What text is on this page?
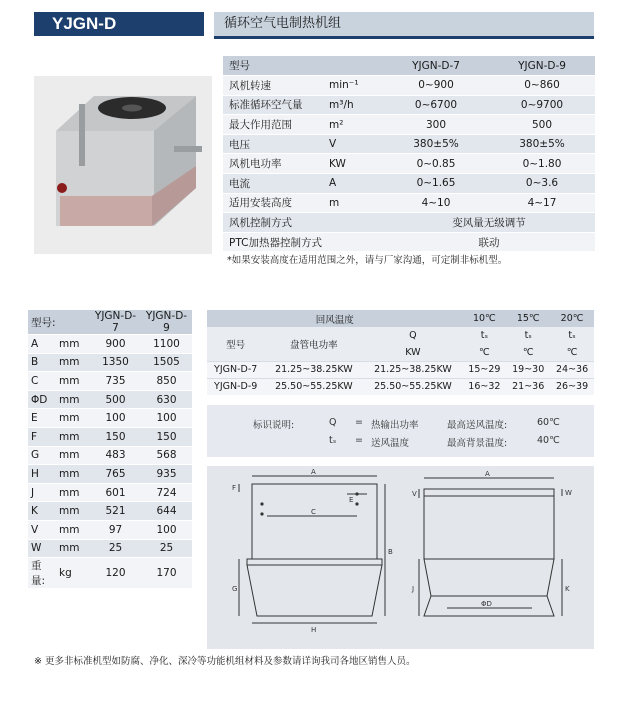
YJGN-D	循环空气电制热机组
型号		YJGN-D-7	YJGN-D-9
风机转速	min⁻¹	0~900	0~860
标准循环空气量	m³/h	0~6700	0~9700
最大作用范围	m²	300	500
电压	V	380±5%	380±5%
风机电功率	KW	0~0.85	0~1.80
电流	A	0~1.65	0~3.6
适用安装高度	m	4~10	4~17
风机控制方式		变风量无级调节	
PTC加热器控制方式		联动	
*如果安装高度在适用范围之外，请与厂家沟通，可定制非标机型。
型号:		YJGN-D-7	YJGN-D-9
A	mm	900	1100
B	mm	1350	1505
C	mm	735	850
ΦD	mm	500	630
E	mm	100	100
F	mm	150	150
G	mm	483	568
H	mm	765	935
J	mm	601	724
K	mm	521	644
V	mm	97	100
W	mm	25	25
重量:	kg	120	170
回风温度			10℃	15℃	20℃
型号	盘管电功率	Q	tₛ	tₛ	tₛ
		KW	℃	℃	℃
YJGN-D-7	21.25~38.25KW	21.25~38.25KW	15~29	19~30	24~36
YJGN-D-9	25.50~55.25KW	25.50~55.25KW	16~32	21~36	26~39
标识说明:	Q = 热输出功率
tₛ = 送风温度
最高送风温度:	60℃
最高背景温度:	40℃
F
A
C
E
B
G
H
V
A
W
J	K
ΦD
※ 更多非标准机型如防腐、净化、深冷等功能机组材料及参数请详询我司各地区销售人员。
